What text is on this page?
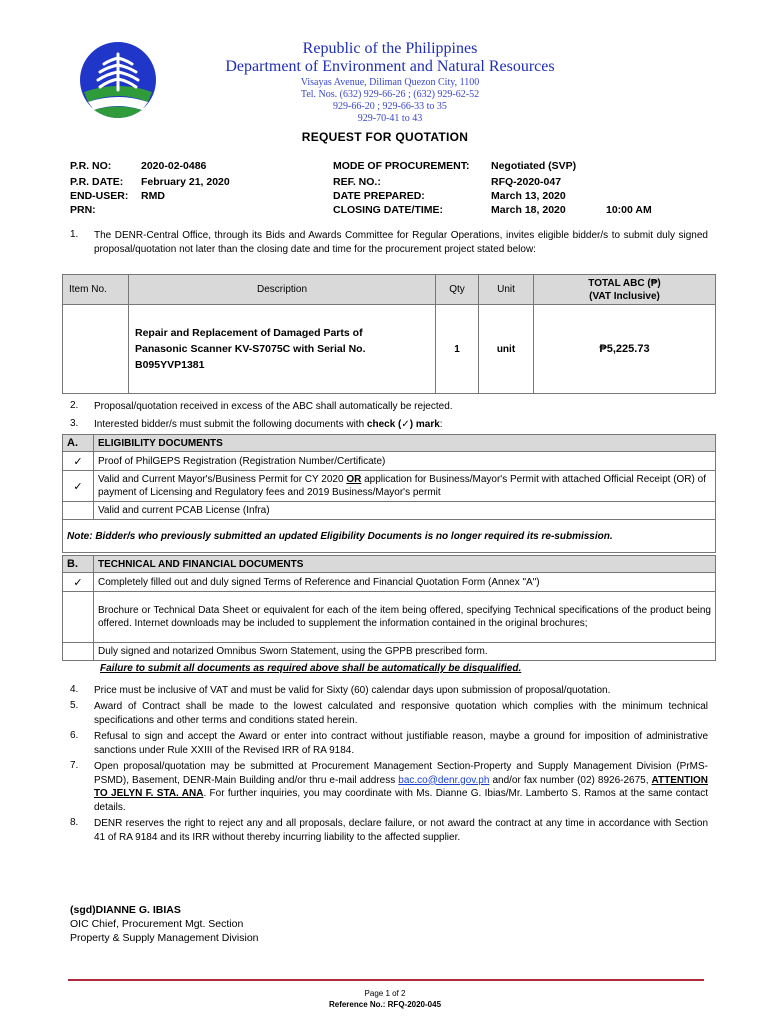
Republic of the Philippines
Department of Environment and Natural Resources
Visayas Avenue, Diliman Quezon City, 1100
Tel. Nos. (632) 929-66-26 ; (632) 929-62-52
929-66-20 ; 929-66-33 to 35
929-70-41 to 43
REQUEST FOR QUOTATION
P.R. NO:	2020-02-0486
P.R. DATE: February 21, 2020
END-USER: RMD
PRN:
MODE OF PROCUREMENT: Negotiated (SVP)
REF. NO.:	RFQ-2020-047
DATE PREPARED:	March 13, 2020
CLOSING DATE/TIME:	March 18, 2020	10:00 AM
1. The DENR-Central Office, through its Bids and Awards Committee for Regular Operations, invites eligible bidder/s to submit duly signed proposal/quotation not later than the closing date and time for the procurement project stated below:
Item No.	Description	Qty	Unit	TOTAL ABC (₱)
(VAT Inclusive)

	Repair and Replacement of Damaged Parts of
Panasonic Scanner KV-S7075C with Serial No.
B095YVP1381	1	unit	₱5,225.73
2. Proposal/quotation received in excess of the ABC shall automatically be rejected.
3. Interested bidder/s must submit the following documents with check (✓) mark:
A.	ELIGIBILITY DOCUMENTS
✓	Proof of PhilGEPS Registration (Registration Number/Certificate)
✓	Valid and Current Mayor's/Business Permit for CY 2020 OR application for Business/Mayor's Permit with attached Official Receipt (OR) of payment of Licensing and Regulatory fees and 2019 Business/Mayor's permit
	Valid and current PCAB License (Infra)
Note: Bidder/s who previously submitted an updated Eligibility Documents is no longer required its re-submission.	
B.	TECHNICAL AND FINANCIAL DOCUMENTS
✓	Completely filled out and duly signed Terms of Reference and Financial Quotation Form (Annex "A")
	Brochure or Technical Data Sheet or equivalent for each of the item being offered, specifying Technical specifications of the product being offered. Internet downloads may be included to supplement the information contained in the original brochures;
	Duly signed and notarized Omnibus Sworn Statement, using the GPPB prescribed form.
Failure to submit all documents as required above shall be automatically be disqualified.
4. Price must be inclusive of VAT and must be valid for Sixty (60) calendar days upon submission of proposal/quotation.
5. Award of Contract shall be made to the lowest calculated and responsive quotation which complies with the minimum technical specifications and other terms and conditions stated herein.
6. Refusal to sign and accept the Award or enter into contract without justifiable reason, maybe a ground for imposition of administrative sanctions under Rule XXIII of the Revised IRR of RA 9184.
7. Open proposal/quotation may be submitted at Procurement Management Section-Property and Supply Management Division (PrMS-PSMD), Basement, DENR-Main Building and/or thru e-mail address bac.co@denr.gov.ph and/or fax number (02) 8926-2675, ATTENTION TO JELYN F. STA. ANA. For further inquiries, you may coordinate with Ms. Dianne G. Ibias/Mr. Lamberto S. Ramos at the same contact details.
8. DENR reserves the right to reject any and all proposals, declare failure, or not award the contract at any time in accordance with Section 41 of RA 9184 and its IRR without thereby incurring liability to the affected supplier.
(sgd)DIANNE G. IBIAS
OIC Chief, Procurement Mgt. Section
Property & Supply Management Division
Page 1 of 2
Reference No.: RFQ-2020-045
